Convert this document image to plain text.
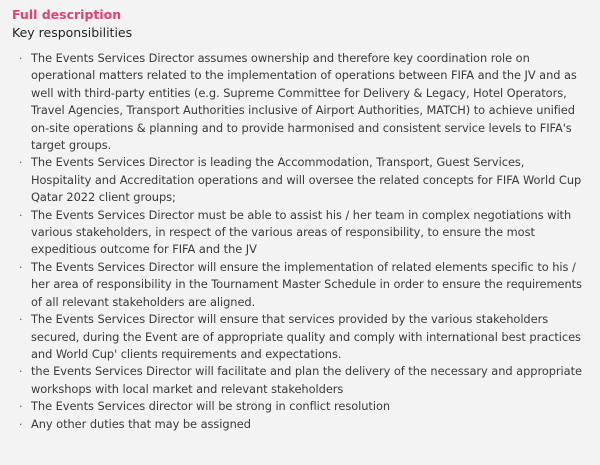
Full description
Key responsibilities
· The Events Services Director assumes ownership and therefore key coordination role on operational matters related to the implementation of operations between FIFA and the JV and as well with third-party entities (e.g. Supreme Committee for Delivery & Legacy, Hotel Operators, Travel Agencies, Transport Authorities inclusive of Airport Authorities, MATCH) to achieve unified on-site operations & planning and to provide harmonised and consistent service levels to FIFA's target groups.
· The Events Services Director is leading the Accommodation, Transport, Guest Services, Hospitality and Accreditation operations and will oversee the related concepts for FIFA World Cup Qatar 2022 client groups;
· The Events Services Director must be able to assist his / her team in complex negotiations with various stakeholders, in respect of the various areas of responsibility, to ensure the most expeditious outcome for FIFA and the JV
· The Events Services Director will ensure the implementation of related elements specific to his / her area of responsibility in the Tournament Master Schedule in order to ensure the requirements of all relevant stakeholders are aligned.
· The Events Services Director will ensure that services provided by the various stakeholders secured, during the Event are of appropriate quality and comply with international best practices and World Cup' clients requirements and expectations.
· the Events Services Director will facilitate and plan the delivery of the necessary and appropriate workshops with local market and relevant stakeholders
· The Events Services director will be strong in conflict resolution
· Any other duties that may be assigned
